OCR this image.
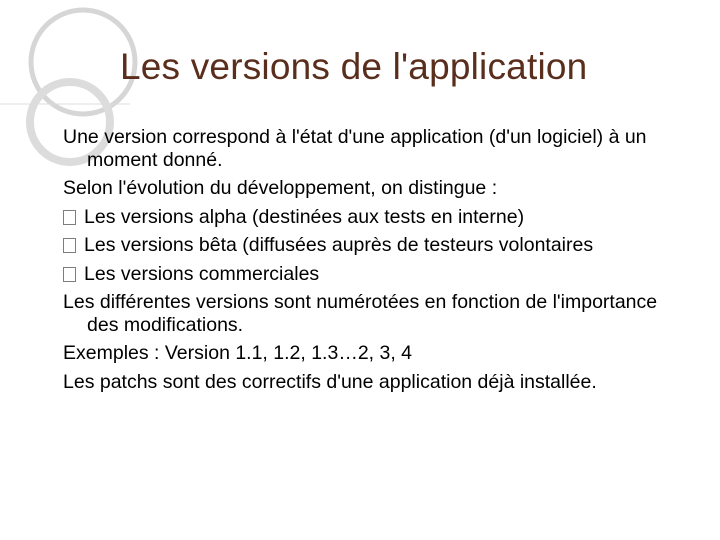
Les versions de l'application

Une version correspond à l'état d'une application (d'un logiciel) à un moment donné.

Selon l'évolution du développement, on distingue :

Les versions alpha (destinées aux tests en interne)

Les versions bêta (diffusées auprès de testeurs volontaires

Les versions commerciales

Les différentes versions sont numérotées en fonction de l'importance des modifications.

Exemples : Version 1.1, 1.2, 1.3…2, 3, 4

Les patchs sont des correctifs d'une application déjà installée.
